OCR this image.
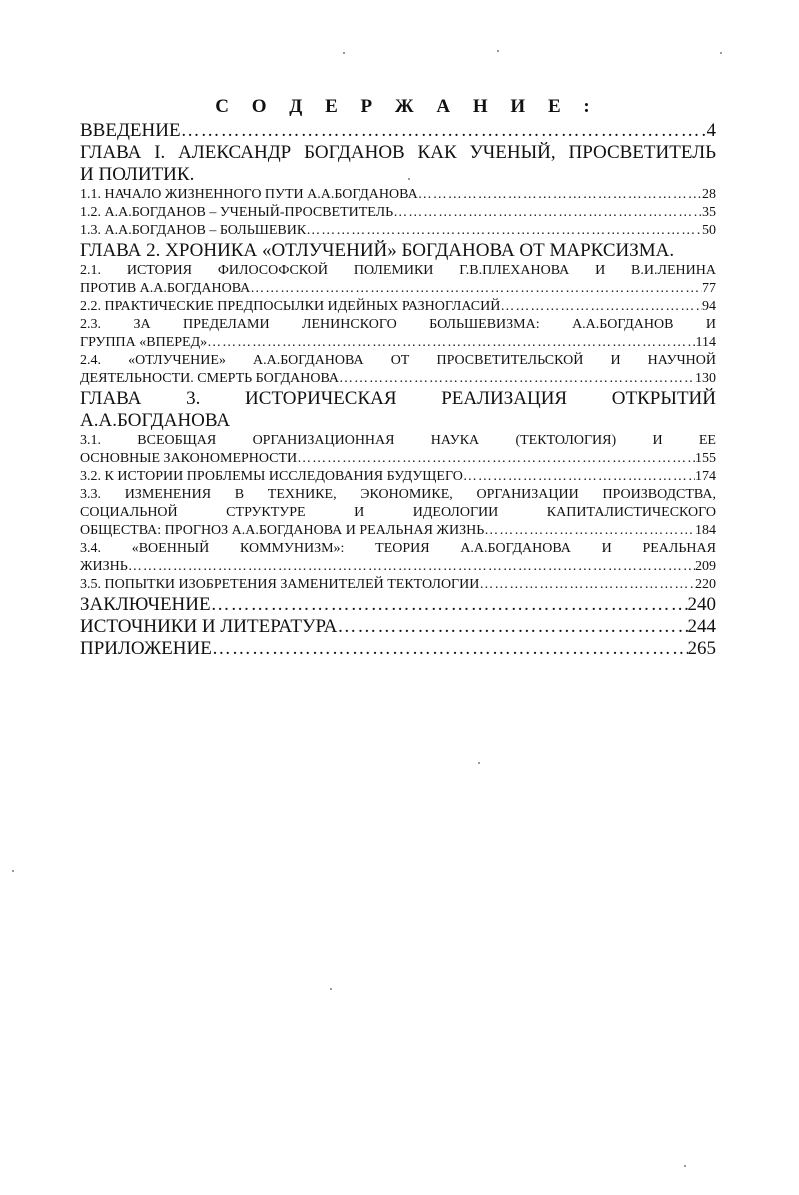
С О Д Е Р Ж А Н И Е :
ВВЕДЕНИЕ ……………………………………………………………………………………………………………………………………………………………………………………………………	4
ГЛАВА I. АЛЕКСАНДР БОГДАНОВ КАК УЧЕНЫЙ, ПРОСВЕТИТЕЛЬ
И ПОЛИТИК.
1.1. НАЧАЛО ЖИЗНЕННОГО ПУТИ А.А.БОГДАНОВА ……………………………………………………………………………………………………………………………………………………………………………………………………	28
1.2. А.А.БОГДАНОВ – УЧЕНЫЙ-ПРОСВЕТИТЕЛЬ ……………………………………………………………………………………………………………………………………………………………………………………………………	35
1.3. А.А.БОГДАНОВ – БОЛЬШЕВИК ……………………………………………………………………………………………………………………………………………………………………………………………………	50
ГЛАВА 2. ХРОНИКА «ОТЛУЧЕНИЙ» БОГДАНОВА ОТ МАРКСИЗМА.
2.1. ИСТОРИЯ ФИЛОСОФСКОЙ ПОЛЕМИКИ Г.В.ПЛЕХАНОВА И В.И.ЛЕНИНА
ПРОТИВ А.А.БОГДАНОВА ……………………………………………………………………………………………………………………………………………………………………………………………………	77
2.2. ПРАКТИЧЕСКИЕ ПРЕДПОСЫЛКИ ИДЕЙНЫХ РАЗНОГЛАСИЙ ……………………………………………………………………………………………………………………………………………………………………………………………………	94
2.3. ЗА ПРЕДЕЛАМИ ЛЕНИНСКОГО БОЛЬШЕВИЗМА: А.А.БОГДАНОВ И
ГРУППА «ВПЕРЕД» ……………………………………………………………………………………………………………………………………………………………………………………………………	114
2.4. «ОТЛУЧЕНИЕ» А.А.БОГДАНОВА ОТ ПРОСВЕТИТЕЛЬСКОЙ И НАУЧНОЙ
ДЕЯТЕЛЬНОСТИ. СМЕРТЬ БОГДАНОВА ……………………………………………………………………………………………………………………………………………………………………………………………………	130
ГЛАВА 3. ИСТОРИЧЕСКАЯ РЕАЛИЗАЦИЯ ОТКРЫТИЙ
А.А.БОГДАНОВА
3.1. ВСЕОБЩАЯ ОРГАНИЗАЦИОННАЯ НАУКА (ТЕКТОЛОГИЯ) И ЕЕ
ОСНОВНЫЕ ЗАКОНОМЕРНОСТИ ……………………………………………………………………………………………………………………………………………………………………………………………………	155
3.2. К ИСТОРИИ ПРОБЛЕМЫ ИССЛЕДОВАНИЯ БУДУЩЕГО ……………………………………………………………………………………………………………………………………………………………………………………………………	174
3.3. ИЗМЕНЕНИЯ В ТЕХНИКЕ, ЭКОНОМИКЕ, ОРГАНИЗАЦИИ ПРОИЗВОДСТВА,
СОЦИАЛЬНОЙ СТРУКТУРЕ И ИДЕОЛОГИИ КАПИТАЛИСТИЧЕСКОГО
ОБЩЕСТВА: ПРОГНОЗ А.А.БОГДАНОВА И РЕАЛЬНАЯ ЖИЗНЬ ……………………………………………………………………………………………………………………………………………………………………………………………………	184
3.4. «ВОЕННЫЙ КОММУНИЗМ»: ТЕОРИЯ А.А.БОГДАНОВА И РЕАЛЬНАЯ
ЖИЗНЬ ……………………………………………………………………………………………………………………………………………………………………………………………………	209
3.5. ПОПЫТКИ ИЗОБРЕТЕНИЯ ЗАМЕНИТЕЛЕЙ ТЕКТОЛОГИИ ……………………………………………………………………………………………………………………………………………………………………………………………………	220
ЗАКЛЮЧЕНИЕ ……………………………………………………………………………………………………………………………………………………………………………………………………	240
ИСТОЧНИКИ И ЛИТЕРАТУРА ……………………………………………………………………………………………………………………………………………………………………………………………………	244
ПРИЛОЖЕНИЕ ……………………………………………………………………………………………………………………………………………………………………………………………………	265
